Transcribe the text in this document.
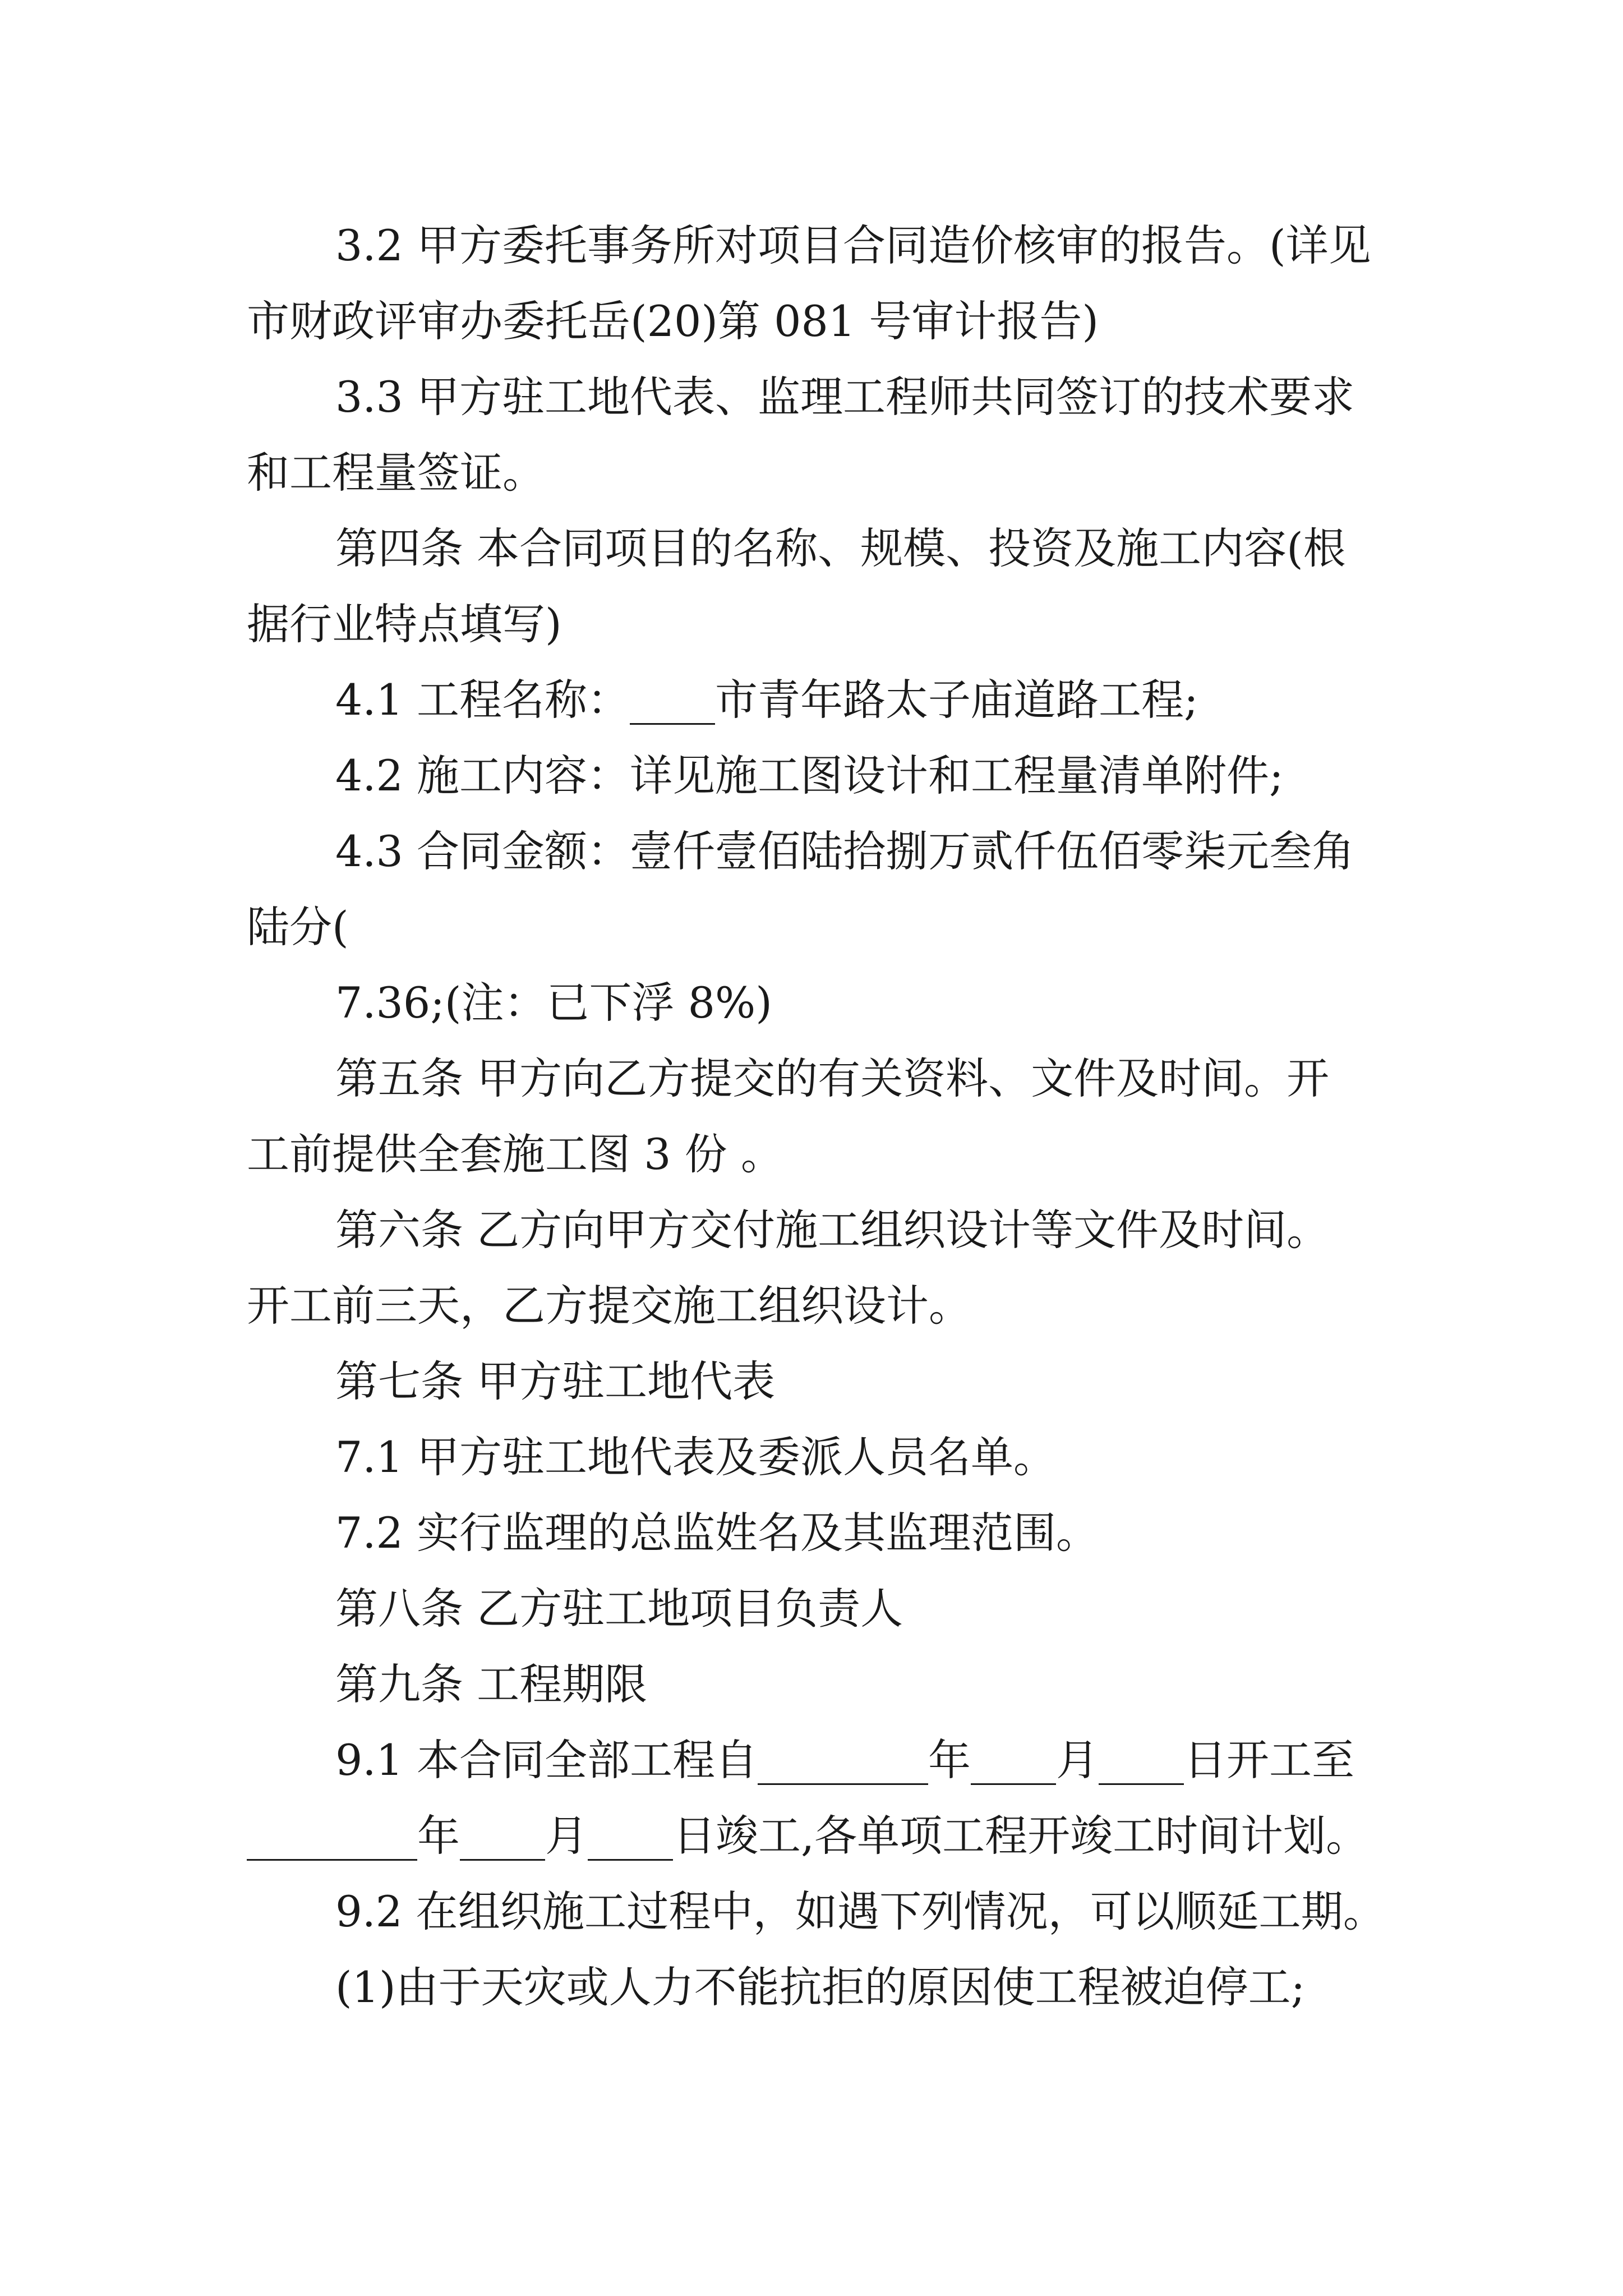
3.2 甲方委托事务所对项目合同造价核审的报告。(详见
市财政评审办委托岳(20)第 081 号审计报告)
3.3 甲方驻工地代表、监理工程师共同签订的技术要求
和工程量签证。
第四条 本合同项目的名称、规模、投资及施工内容(根
据行业特点填写)
4.1 工程名称：____市青年路太子庙道路工程;
4.2 施工内容：详见施工图设计和工程量清单附件;
4.3 合同金额：壹仟壹佰陆拾捌万贰仟伍佰零柒元叁角
陆分(
7.36;(注：已下浮 8%)
第五条 甲方向乙方提交的有关资料、文件及时间。开
工前提供全套施工图 3 份 。
第六条 乙方向甲方交付施工组织设计等文件及时间。
开工前三天，乙方提交施工组织设计。
第七条 甲方驻工地代表
7.1 甲方驻工地代表及委派人员名单。
7.2 实行监理的总监姓名及其监理范围。
第八条 乙方驻工地项目负责人
第九条 工程期限
9.1 本合同全部工程自________年____月____日开工至
________年____月____日竣工,各单项工程开竣工时间计划。
9.2 在组织施工过程中，如遇下列情况，可以顺延工期。
(1)由于天灾或人力不能抗拒的原因使工程被迫停工;
